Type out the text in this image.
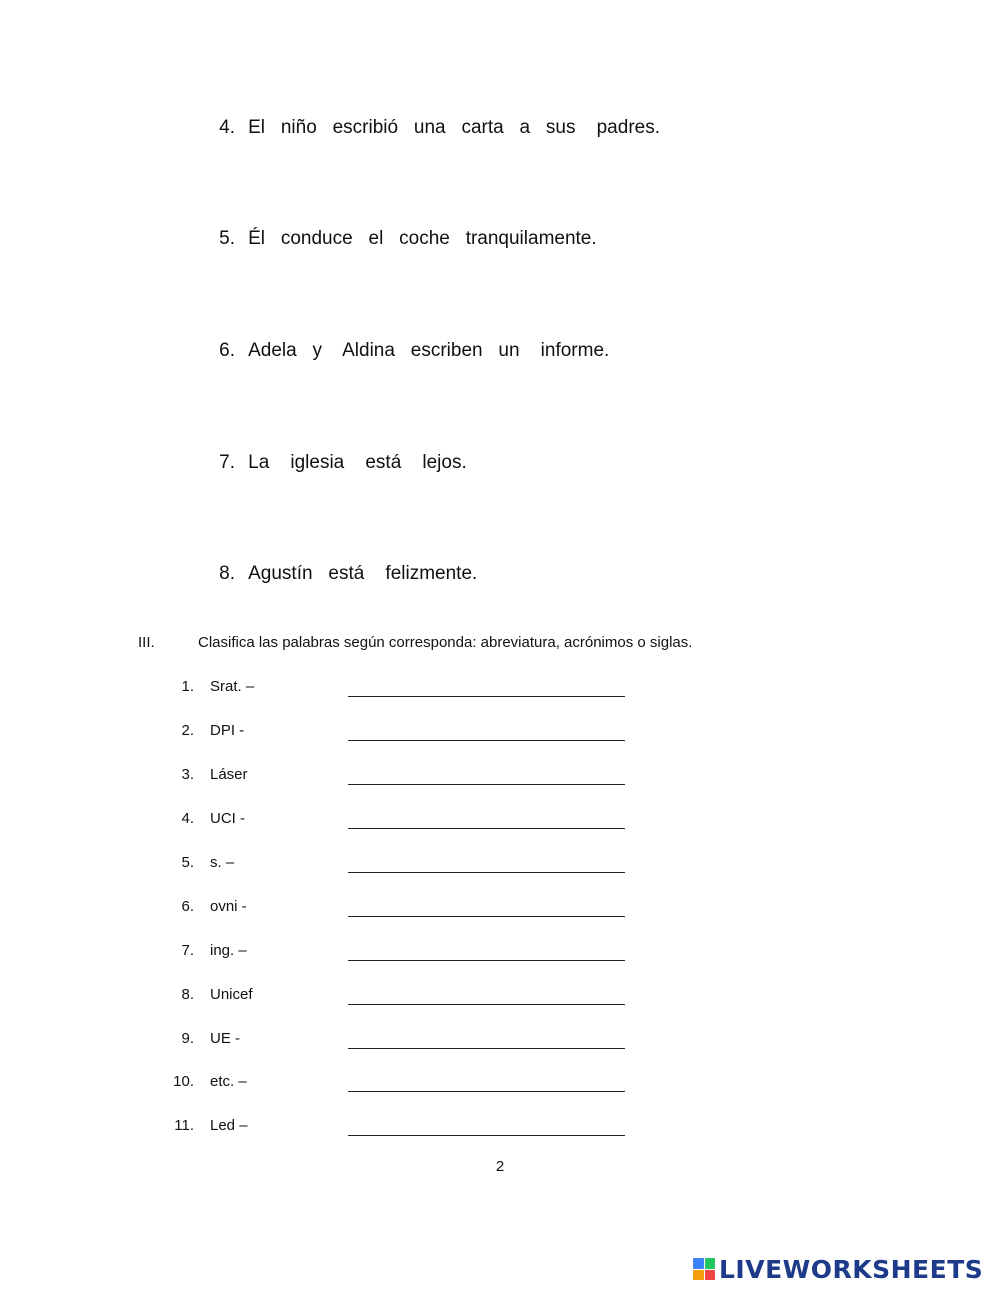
4. El   niño   escribió   una   carta   a   sus    padres.

5. Él   conduce   el   coche   tranquilamente.

6. Adela   y    Aldina   escriben   un    informe.

7. La    iglesia    está    lejos.

8. Agustín   está    felizmente.

III.

	Clasifica las palabras según corresponda: abreviatura, acrónimos o siglas.

1. Srat. –
2. DPI -
3. Láser
4. UCI -
5. s. –
6. ovni -
7. ing. –
8. Unicef
9. UE -
10. etc. –
11. Led –
2
LIVEWORKSHEETS
